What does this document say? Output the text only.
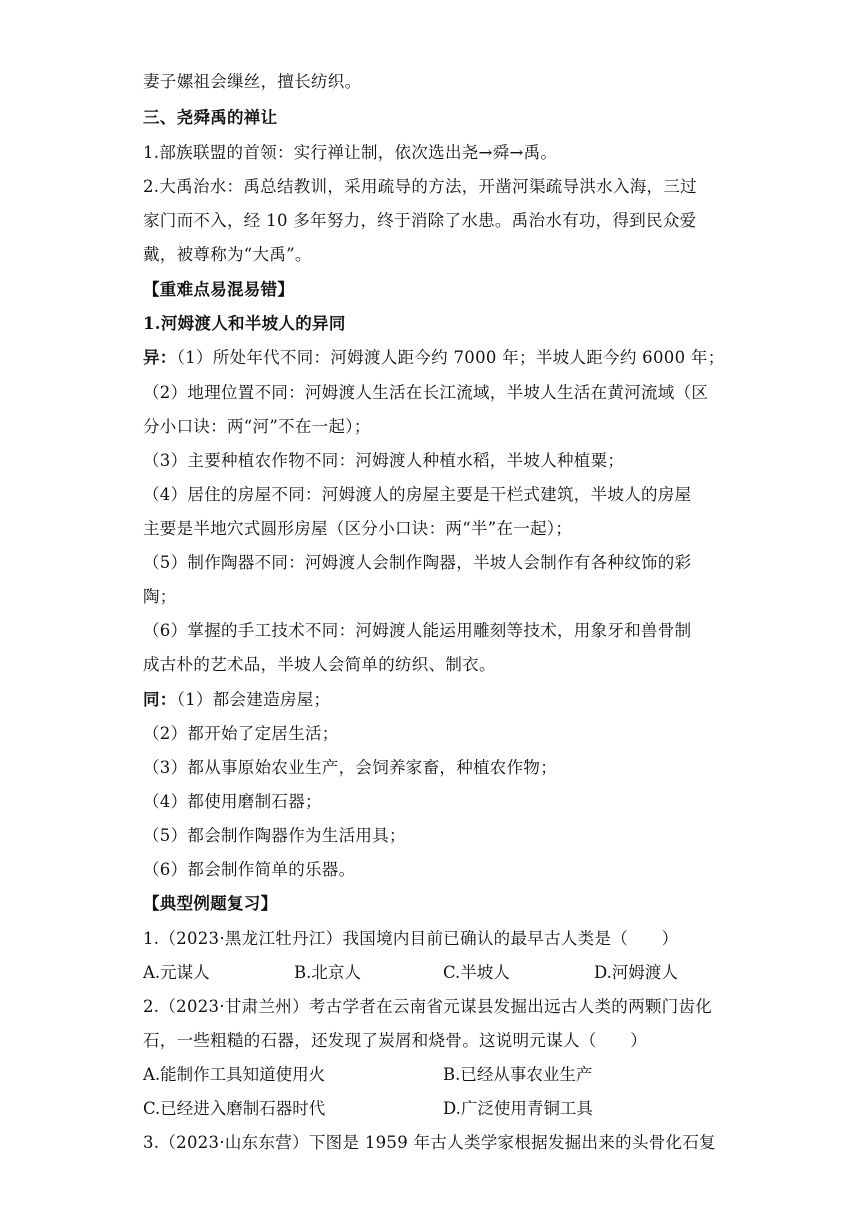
妻子嫘祖会缫丝，擅长纺织。
三、尧舜禹的禅让
1.部族联盟的首领：实行禅让制，依次选出尧→舜→禹。
2.大禹治水：禹总结教训，采用疏导的方法，开凿河渠疏导洪水入海，三过
家门而不入，经 10 多年努力，终于消除了水患。禹治水有功，得到民众爱
戴，被尊称为“大禹”。
【重难点易混易错】
1.河姆渡人和半坡人的异同
异：（1）所处年代不同：河姆渡人距今约 7000 年；半坡人距今约 6000 年；
（2）地理位置不同：河姆渡人生活在长江流域，半坡人生活在黄河流域（区
分小口诀：两“河”不在一起）；
（3）主要种植农作物不同：河姆渡人种植水稻，半坡人种植粟；
（4）居住的房屋不同：河姆渡人的房屋主要是干栏式建筑，半坡人的房屋
主要是半地穴式圆形房屋（区分小口诀：两“半”在一起）；
（5）制作陶器不同：河姆渡人会制作陶器，半坡人会制作有各种纹饰的彩
陶；
（6）掌握的手工技术不同：河姆渡人能运用雕刻等技术，用象牙和兽骨制
成古朴的艺术品，半坡人会简单的纺织、制衣。
同：（1）都会建造房屋；
（2）都开始了定居生活；
（3）都从事原始农业生产，会饲养家畜，种植农作物；
（4）都使用磨制石器；
（5）都会制作陶器作为生活用具；
（6）都会制作简单的乐器。
【典型例题复习】
1.（2023·黑龙江牡丹江）我国境内目前已确认的最早古人类是（　　）
A.元谋人	B.北京人	C.半坡人	D.河姆渡人
2.（2023·甘肃兰州）考古学者在云南省元谋县发掘出远古人类的两颗门齿化
石，一些粗糙的石器，还发现了炭屑和烧骨。这说明元谋人（　　）
A.能制作工具知道使用火	B.已经从事农业生产
C.已经进入磨制石器时代	D.广泛使用青铜工具
3.（2023·山东东营）下图是 1959 年古人类学家根据发掘出来的头骨化石复
